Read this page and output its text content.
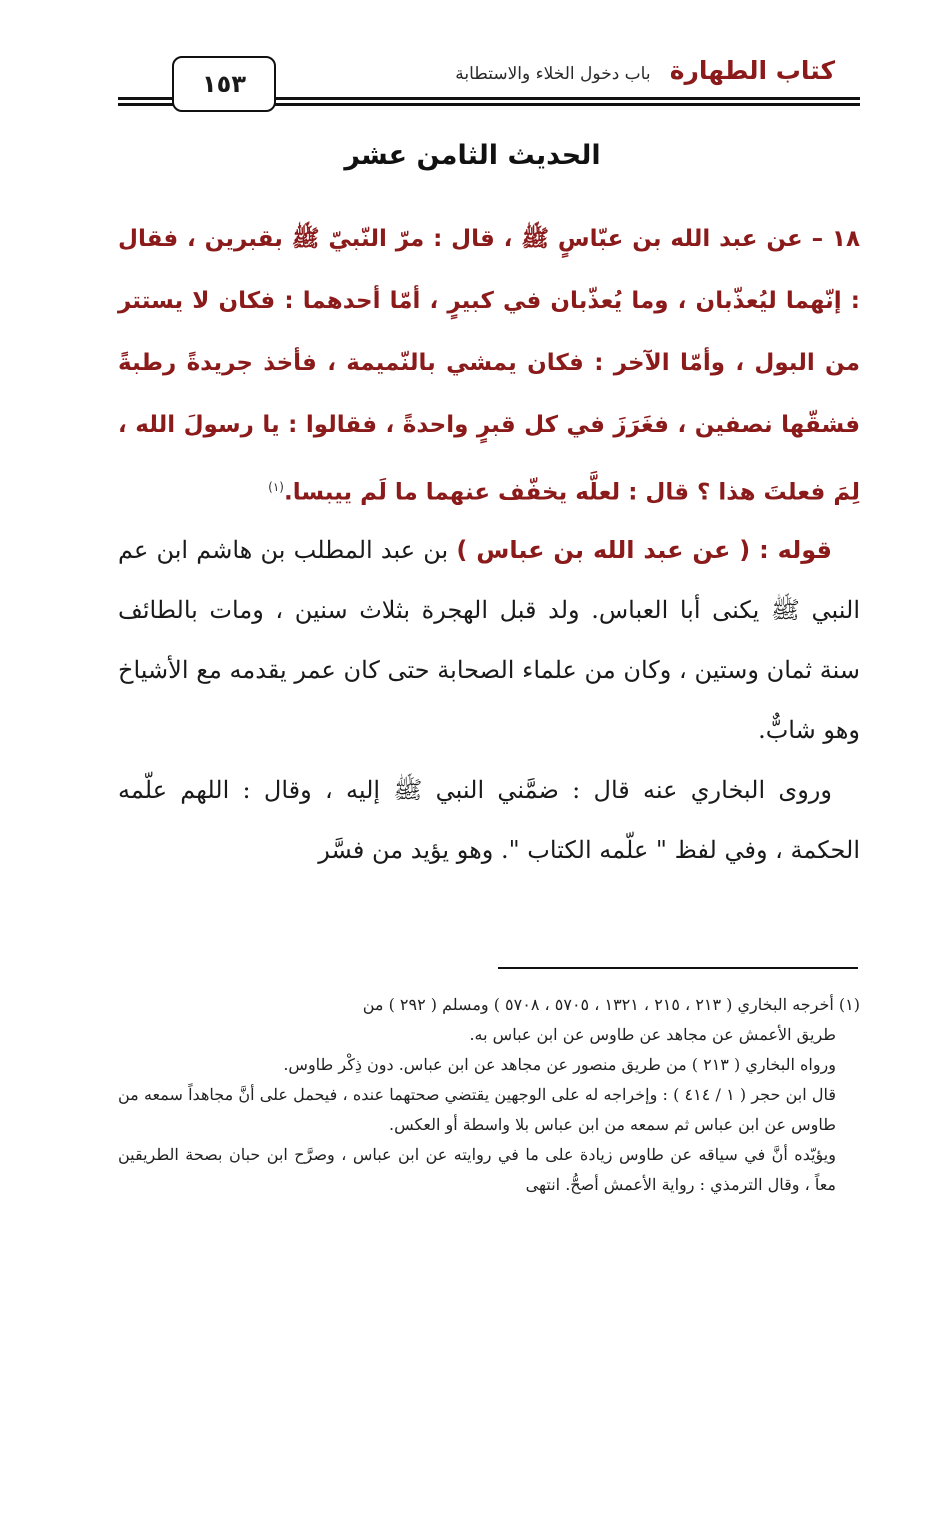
كتاب الطهارة باب دخول الخلاء والاستطابة
١٥٣
الحديث الثامن عشر
١٨ – عن عبد الله بن عبّاسٍ ﷺ ، قال : مرّ النّبيّ ﷺ بقبرين ، فقال : إنّهما ليُعذّبان ، وما يُعذّبان في كبيرٍ ، أمّا أحدهما : فكان لا يستتر من البول ، وأمّا الآخر : فكان يمشي بالنّميمة ، فأخذ جريدةً رطبةً فشقّها نصفين ، فغَرَزَ في كل قبرٍ واحدةً ، فقالوا : يا رسولَ الله ، لِمَ فعلتَ هذا ؟ قال : لعلَّه يخفّف عنهما ما لَم ييبسا.$^{(١)}$
قوله : ( عن عبد الله بن عباس ) بن عبد المطلب بن هاشم ابن عم النبي ﷺ يكنى أبا العباس. ولد قبل الهجرة بثلاث سنين ، ومات بالطائف سنة ثمان وستين ، وكان من علماء الصحابة حتى كان عمر يقدمه مع الأشياخ وهو شابٌّ.
وروى البخاري عنه قال : ضمَّني النبي ﷺ إليه ، وقال : اللهم علّمه الحكمة ، وفي لفظ " علّمه الكتاب ". وهو يؤيد من فسَّر
(١) أخرجه البخاري ( ٢١٣ ، ٢١٥ ، ١٣٢١ ، ٥٧٠٥ ، ٥٧٠٨ ) ومسلم ( ٢٩٢ ) من
طريق الأعمش عن مجاهد عن طاوس عن ابن عباس به.
ورواه البخاري ( ٢١٣ ) من طريق منصور عن مجاهد عن ابن عباس. دون ذِكْر طاوس.
قال ابن حجر ( ١ / ٤١٤ ) : وإخراجه له على الوجهين يقتضي صحتهما عنده ، فيحمل على أنَّ مجاهداً سمعه من طاوس عن ابن عباس ثم سمعه من ابن عباس بلا واسطة أو العكس.
ويؤيّده أنَّ في سياقه عن طاوس زيادة على ما في روايته عن ابن عباس ، وصرَّح ابن حبان بصحة الطريقين معاً ، وقال الترمذي : رواية الأعمش أصحُّ. انتهى
